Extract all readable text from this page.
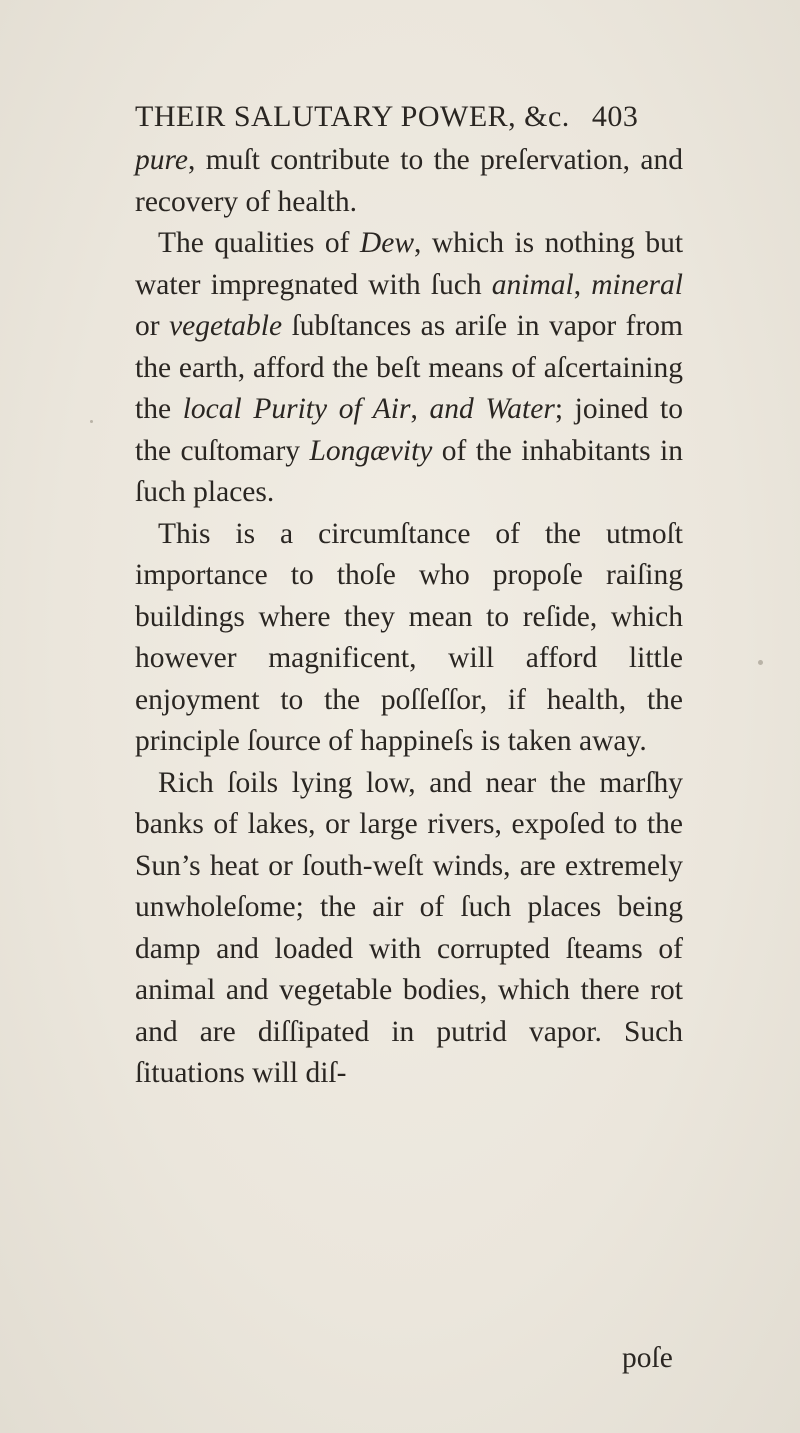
THEIR SALUTARY POWER, &c. 403

pure, muſt contribute to the preſervation, and recovery of health.

The qualities of Dew, which is nothing but water impregnated with ſuch animal, mineral or vegetable ſubſtances as ariſe in vapor from the earth, afford the beſt means of aſcertaining the local Purity of Air, and Water; joined to the cuſtomary Longævity of the inhabitants in ſuch places.

This is a circumſtance of the utmoſt importance to thoſe who propoſe raiſing buildings where they mean to reſide, which however magnificent, will afford little enjoyment to the poſſeſſor, if health, the principle ſource of happineſs is taken away.

Rich ſoils lying low, and near the marſhy banks of lakes, or large rivers, expoſed to the Sun’s heat or ſouth-weſt winds, are extremely unwholeſome; the air of ſuch places being damp and loaded with corrupted ſteams of animal and vegetable bodies, which there rot and are diſſipated in putrid vapor. Such ſituations will diſ-

poſe
